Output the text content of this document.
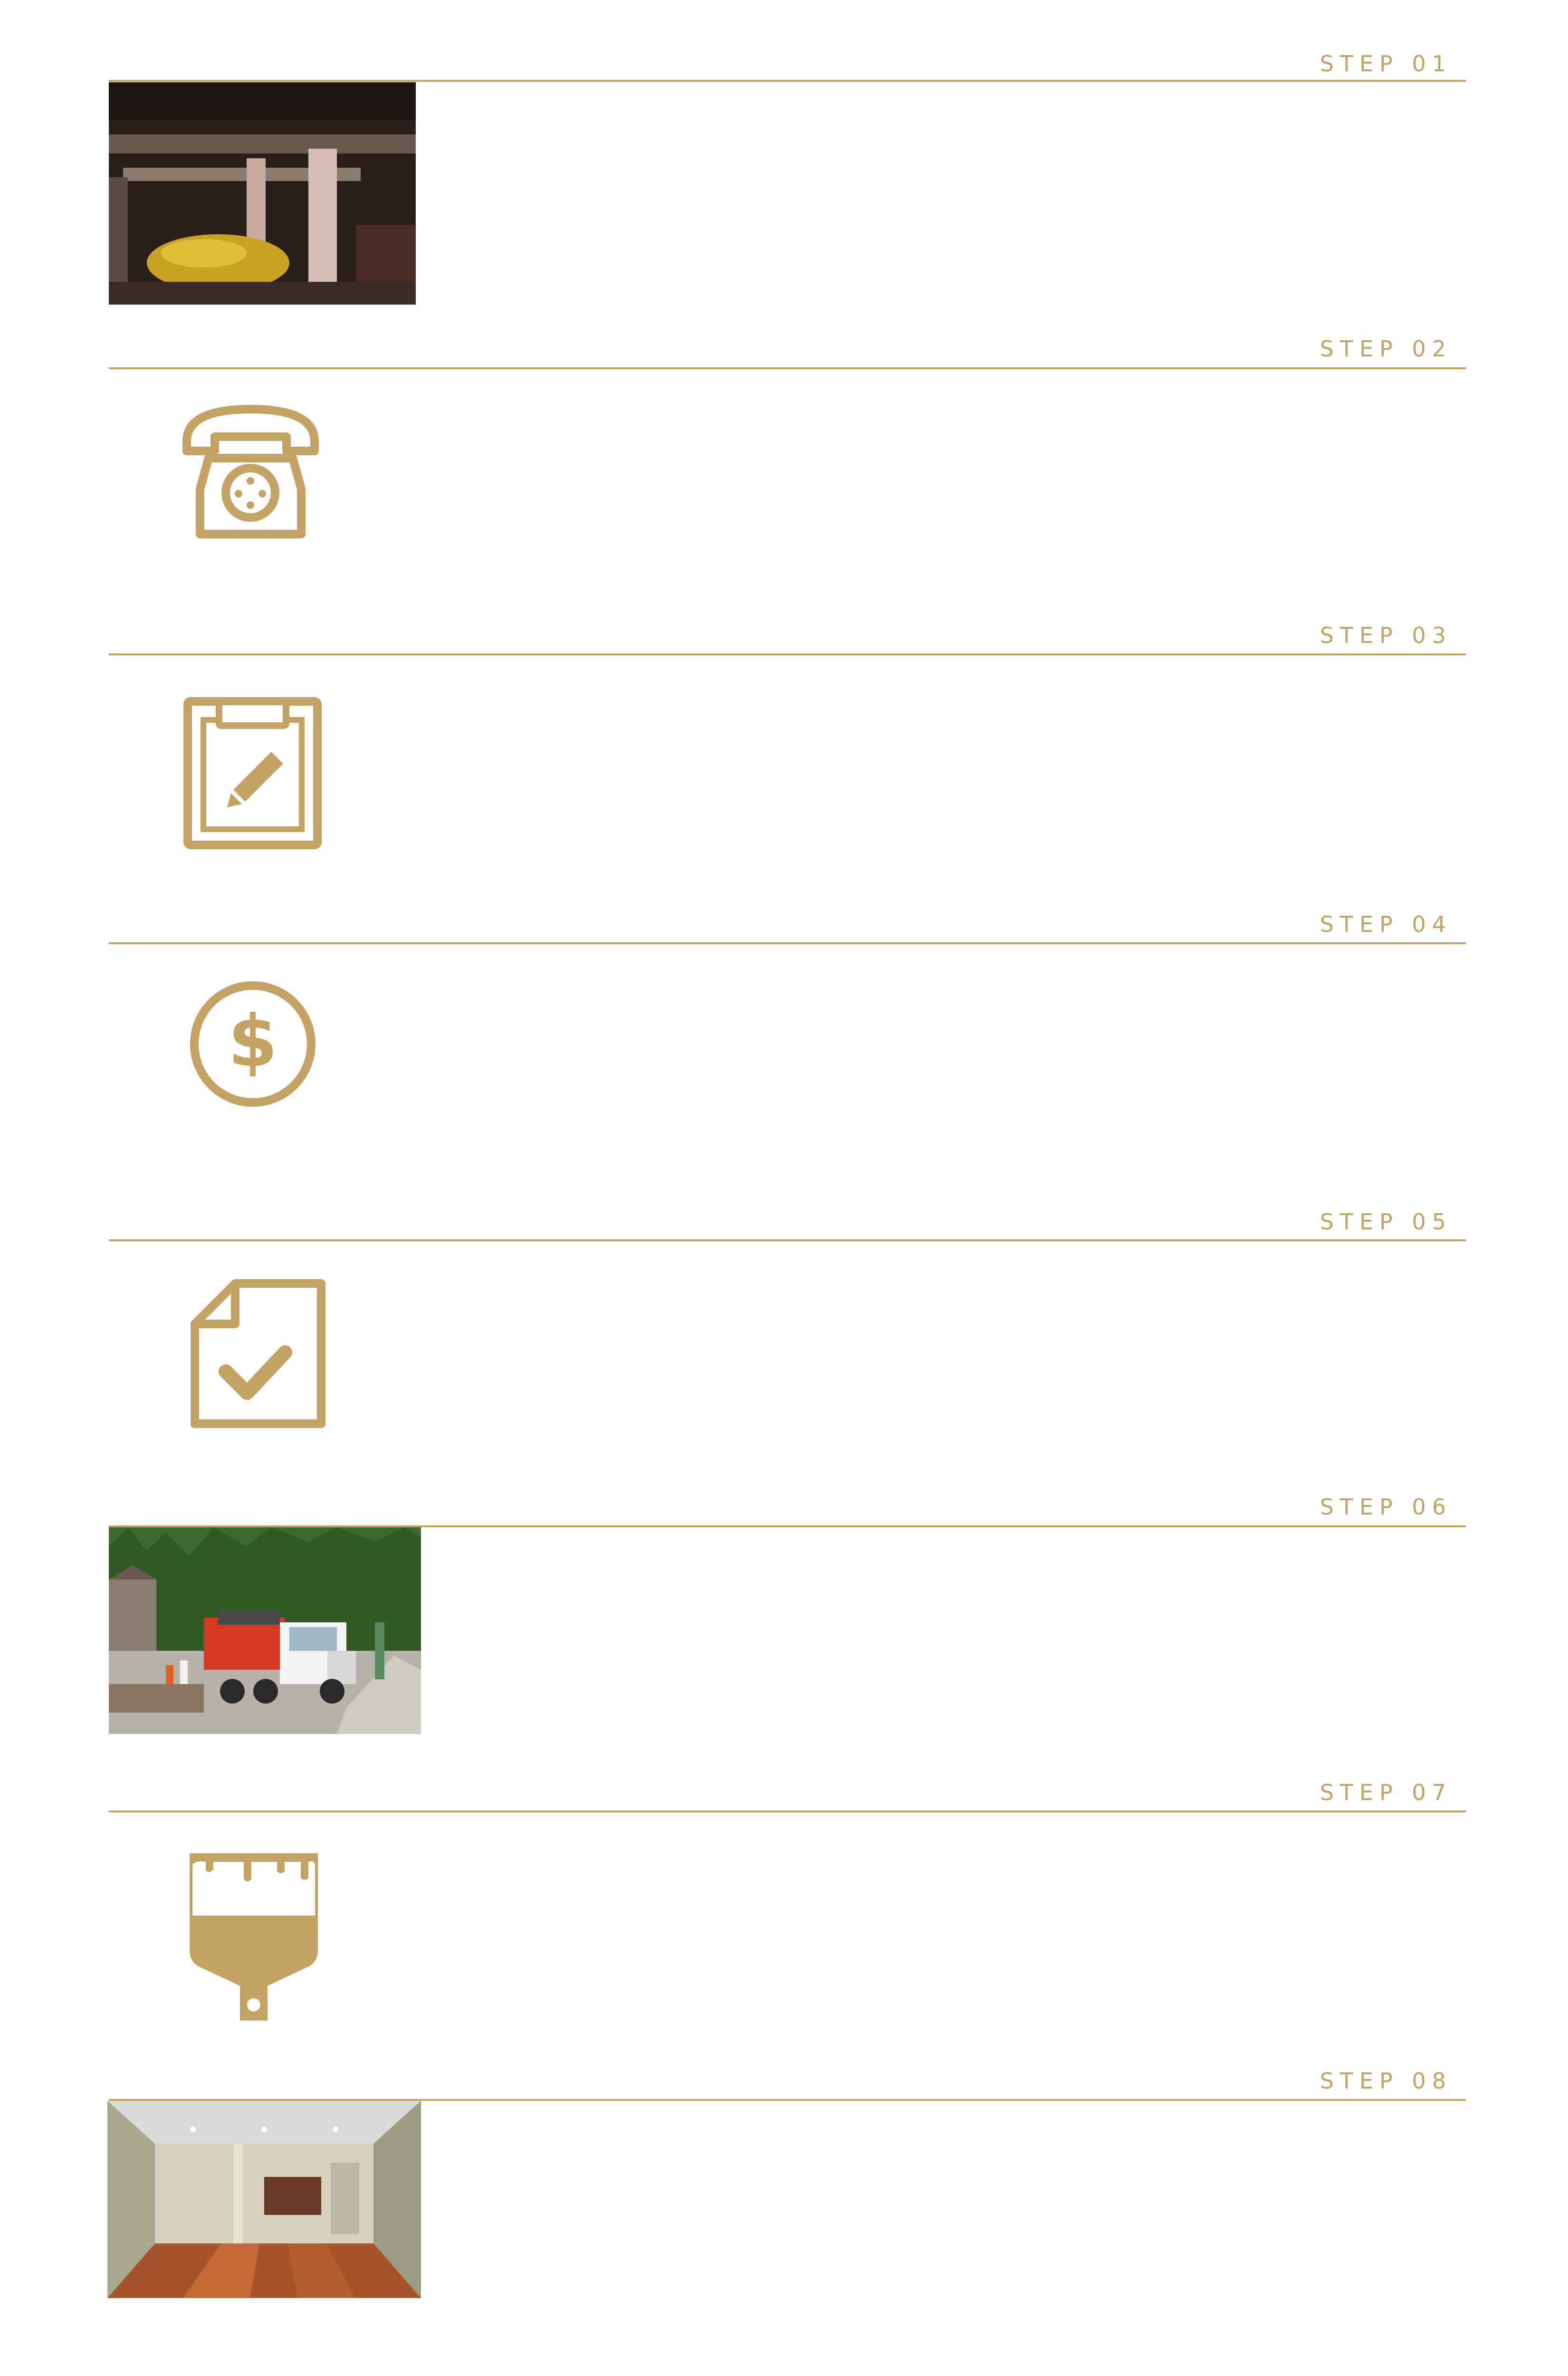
STEP 01
STEP 02
STEP 03
STEP 04
$
STEP 05
STEP 06
STEP 07
STEP 08
